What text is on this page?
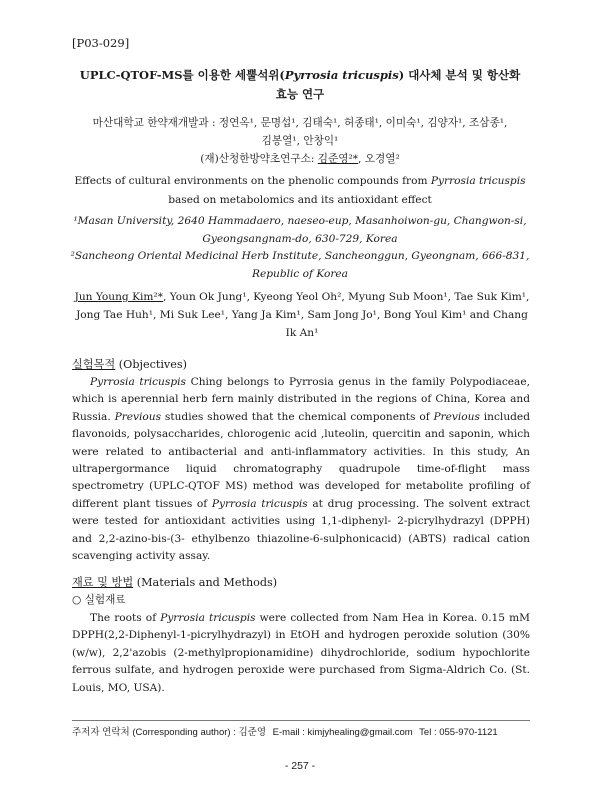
[P03-029]
UPLC-QTOF-MS를 이용한 세뿔석위(Pyrrosia tricuspis) 대사체 분석 및 항산화
효능 연구
마산대학교 한약재개발과 : 정연옥¹, 문명섭¹, 김태숙¹, 허종태¹, 이미숙¹, 김양자¹, 조삼종¹,
김봉열¹, 안창익¹
(재)산청한방약초연구소: 김준영²*, 오경열²
Effects of cultural environments on the phenolic compounds from Pyrrosia tricuspis based on metabolomics and its antioxidant effect
¹Masan University, 2640 Hammadaero, naeseo-eup, Masanhoiwon-gu, Changwon-si, Gyeongsangnam-do, 630-729, Korea
²Sancheong Oriental Medicinal Herb Institute, Sancheonggun, Gyeongnam, 666-831, Republic of Korea
Jun Young Kim²*, Youn Ok Jung¹, Kyeong Yeol Oh², Myung Sub Moon¹, Tae Suk Kim¹, Jong Tae Huh¹, Mi Suk Lee¹, Yang Ja Kim¹, Sam Jong Jo¹, Bong Youl Kim¹ and Chang Ik An¹
실험목적 (Objectives)

Pyrrosia tricuspis Ching belongs to Pyrrosia genus in the family Polypodiaceae, which is aperennial herb fern mainly distributed in the regions of China, Korea and Russia. Previous studies showed that the chemical components of Previous included flavonoids, polysaccharides, chlorogenic acid ,luteolin, quercitin and saponin, which were related to antibacterial and anti-inflammatory activities. In this study, An ultrapergormance liquid chromatography quadrupole time-of-flight mass spectrometry (UPLC-QTOF MS) method was developed for metabolite profiling of different plant tissues of Pyrrosia tricuspis at drug processing. The solvent extract were tested for antioxidant activities using 1,1-diphenyl- 2-picrylhydrazyl (DPPH) and 2,2-azino-bis-(3- ethylbenzo thiazoline-6-sulphonicacid) (ABTS) radical cation scavenging activity assay.

재료 및 방법 (Materials and Methods)
○ 실험재료

The roots of Pyrrosia tricuspis were collected from Nam Hea in Korea. 0.15 mM DPPH(2,2-Diphenyl-1-picrylhydrazyl) in EtOH and hydrogen peroxide solution (30% (w/w), 2,2'azobis (2-methylpropionamidine) dihydrochloride, sodium hypochlorite ferrous sulfate, and hydrogen peroxide were purchased from Sigma-Aldrich Co. (St. Louis, MO, USA).

주저자 연락처 (Corresponding author) : 김준영 E-mail : kimjyhealing@gmail.com Tel : 055-970-1121
- 257 -
